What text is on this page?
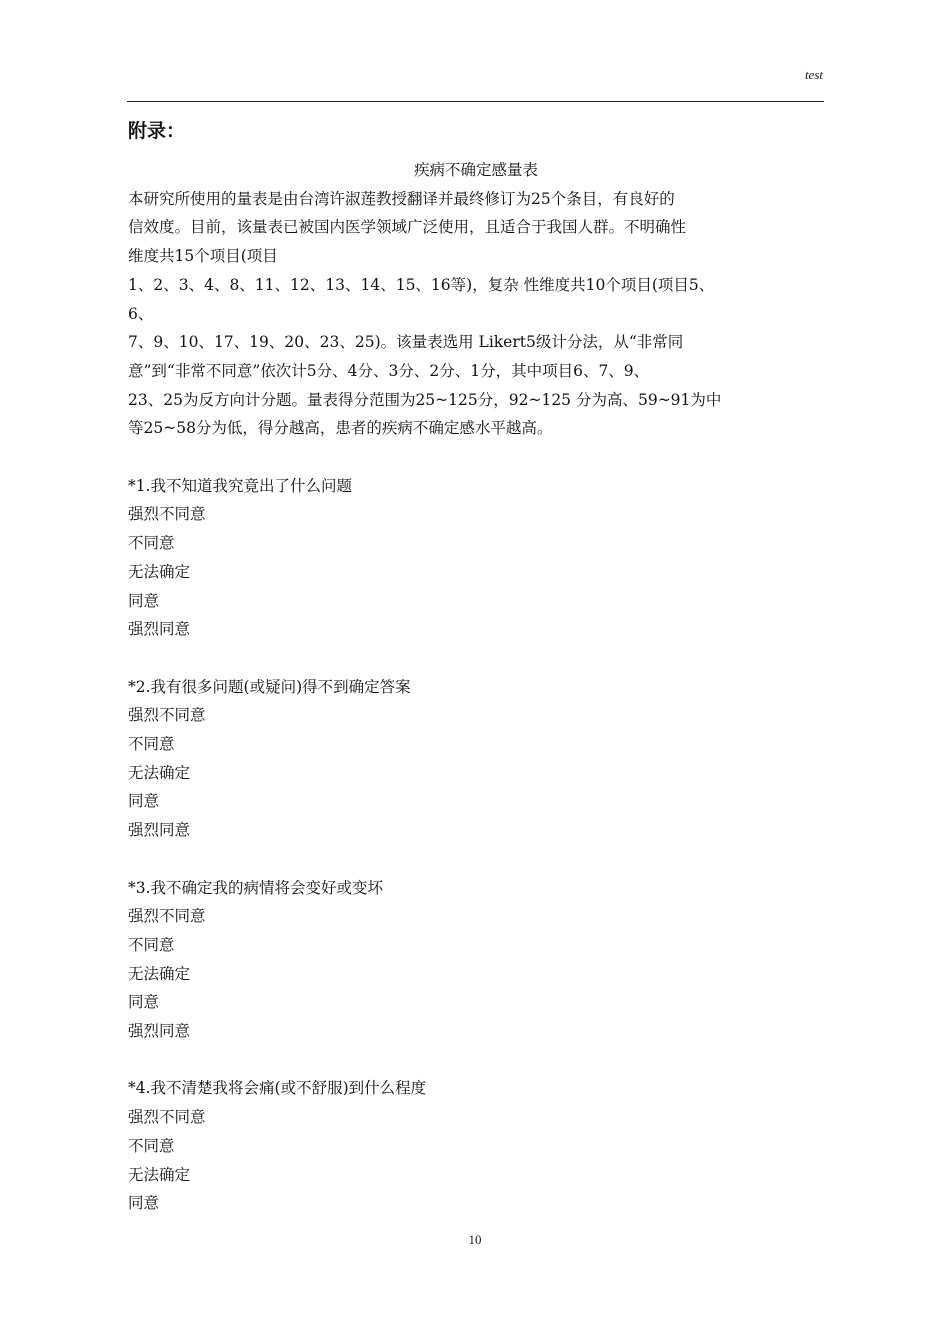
test
附录：
疾病不确定感量表
本研究所使用的量表是由台湾许淑莲教授翻译并最终修订为25个条目，有良好的
信效度。目前，该量表已被国内医学领域广泛使用，且适合于我国人群。不明确性
维度共15个项目(项目
1、2、3、4、8、11、12、13、14、15、16等)，复杂 性维度共10个项目(项目5、
6、
7、9、10、17、19、20、23、25)。该量表选用 Likert5级计分法，从“非常同
意”到“非常不同意”依次计5分、4分、3分、2分、1分，其中项目6、7、9、
23、25为反方向计分题。量表得分范围为25~125分，92~125 分为高、59~91为中
等25~58分为低，得分越高，患者的疾病不确定感水平越高。
*1.我不知道我究竟出了什么问题
强烈不同意
不同意
无法确定
同意
强烈同意
*2.我有很多问题(或疑问)得不到确定答案
强烈不同意
不同意
无法确定
同意
强烈同意
*3.我不确定我的病情将会变好或变坏
强烈不同意
不同意
无法确定
同意
强烈同意
*4.我不清楚我将会痛(或不舒服)到什么程度
强烈不同意
不同意
无法确定
同意
10
